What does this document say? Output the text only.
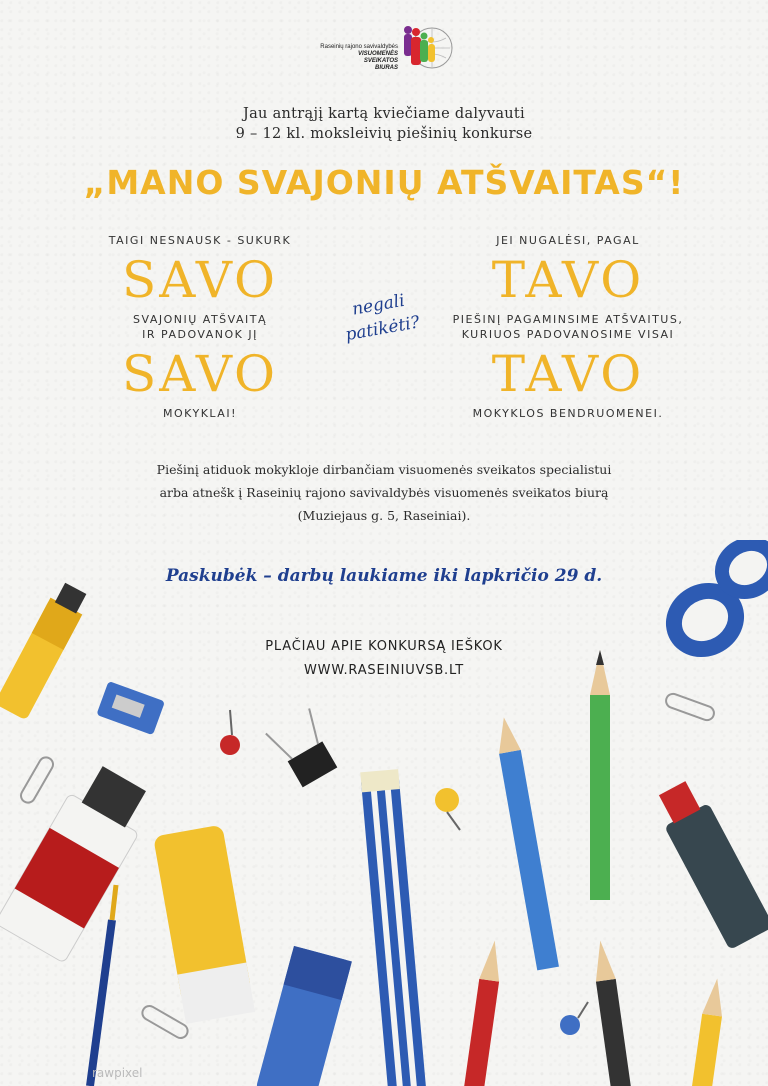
Raseinių rajono savivaldybės
VISUOMENĖS
SVEIKATOS
BIURAS
Jau antrąjį kartą kviečiame dalyvauti
9 – 12 kl. moksleivių piešinių konkurse
„MANO SVAJONIŲ ATŠVAITAS“!
TAIGI NESNAUSK - SUKURK
SAVO
SVAJONIŲ ATŠVAITĄ
IR PADOVANOK JĮ
SAVO
MOKYKLAI!
negali
patikėti?
JEI NUGALĖSI, PAGAL
TAVO
PIEŠINĮ PAGAMINSIME ATŠVAITUS,
KURIUOS PADOVANOSIME VISAI
TAVO
MOKYKLOS BENDRUOMENEI.
Piešinį atiduok mokykloje dirbančiam visuomenės sveikatos specialistui
arba atnešk į Raseinių rajono savivaldybės visuomenės sveikatos biurą
(Muziejaus g. 5, Raseiniai).
Paskubėk – darbų laukiame iki lapkričio 29 d.
PLAČIAU APIE KONKURSĄ IEŠKOK
WWW.RASEINIUVSB.LT
rawpixel
